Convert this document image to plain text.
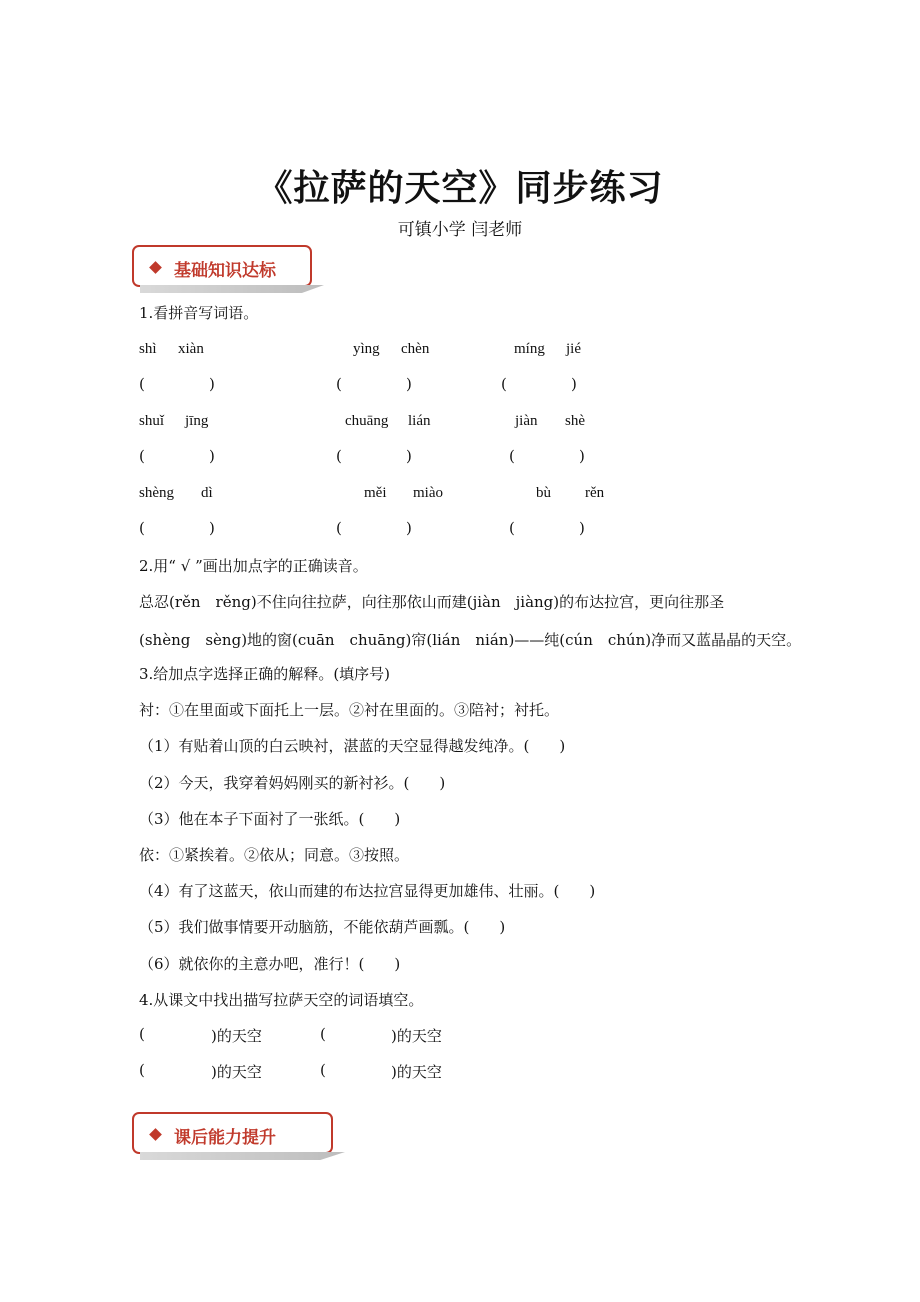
《拉萨的天空》同步练习
可镇小学 闫老师
基础知识达标
1.看拼音写词语。
shì xiàn	yìng chèn	míng jié
(	)	(	)	(	)
shuǐ jīng	chuāng lián	jiàn shè
(	)	(	)	(	)
shèng dì	měi miào	bù rěn
(	)	(	)	(	)
2.用“ √ ”画出加点字的正确读音。
总忍(rěn　rěng)不住向往拉萨，向往那依山而建(jiàn　jiàng)的布达拉宫，更向往那圣
(shèng　sèng)地的窗(cuān　chuāng)帘(lián　nián)——纯(cún　chún)净而又蓝晶晶的天空。
3.给加点字选择正确的解释。(填序号)
衬：①在里面或下面托上一层。②衬在里面的。③陪衬；衬托。
（1）有贴着山顶的白云映衬，湛蓝的天空显得越发纯净。(　　)
（2）今天，我穿着妈妈刚买的新衬衫。(　　)
（3）他在本子下面衬了一张纸。(　　)
依：①紧挨着。②依从；同意。③按照。
（4）有了这蓝天，依山而建的布达拉宫显得更加雄伟、壮丽。(　　)
（5）我们做事情要开动脑筋，不能依葫芦画瓢。(　　)
（6）就依你的主意办吧，准行！(　　)
4.从课文中找出描写拉萨天空的词语填空。
(	)的天空	(	)的天空
(	)的天空	(	)的天空
课后能力提升
